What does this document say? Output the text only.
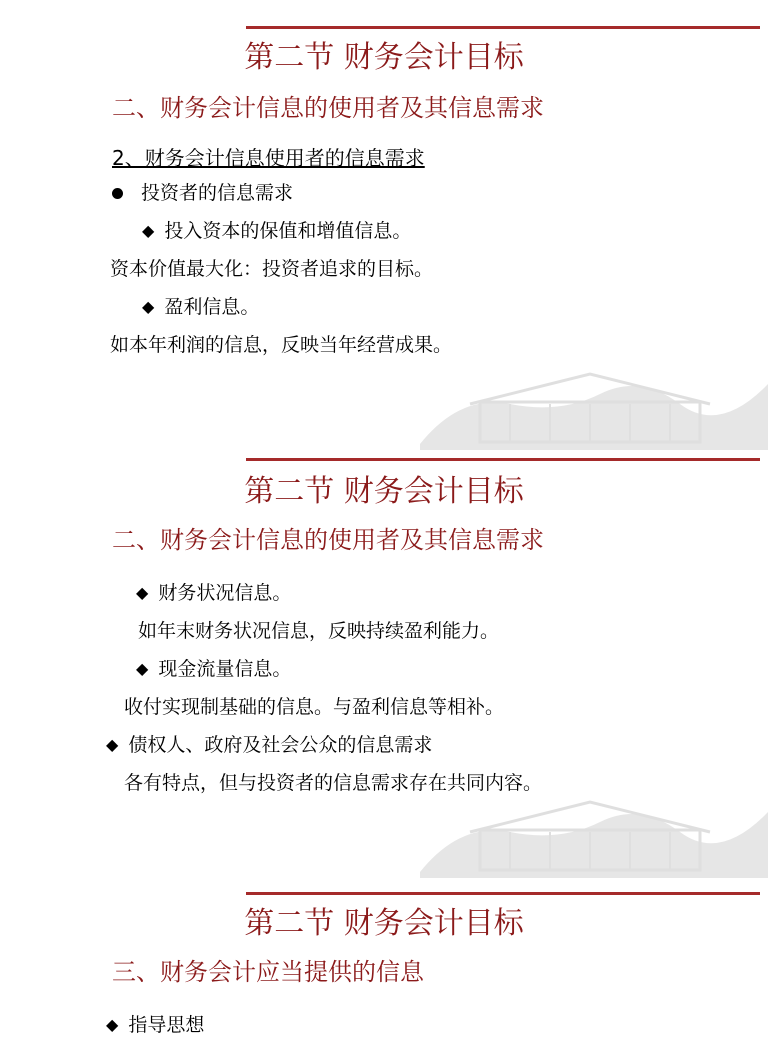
第二节 财务会计目标
二、财务会计信息的使用者及其信息需求
2、财务会计信息使用者的信息需求
投资者的信息需求
◆ 投入资本的保值和增值信息。
资本价值最大化：投资者追求的目标。
◆ 盈利信息。
如本年利润的信息，反映当年经营成果。
第二节 财务会计目标
二、财务会计信息的使用者及其信息需求
◆ 财务状况信息。
如年末财务状况信息，反映持续盈利能力。
◆ 现金流量信息。
收付实现制基础的信息。与盈利信息等相补。
◆ 债权人、政府及社会公众的信息需求
各有特点，但与投资者的信息需求存在共同内容。
第二节 财务会计目标
三、财务会计应当提供的信息
◆ 指导思想
